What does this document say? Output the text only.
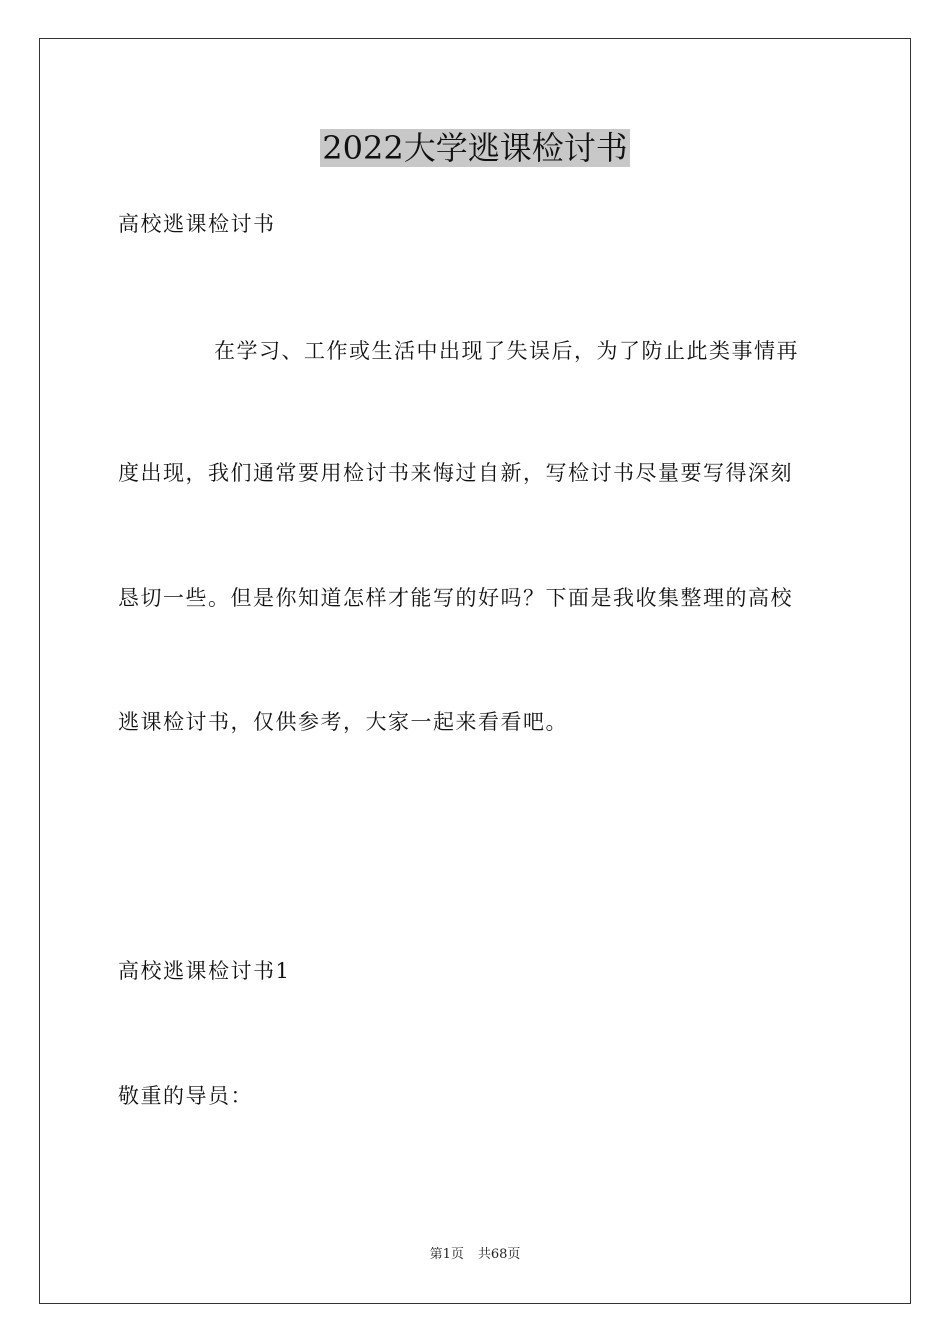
2022大学逃课检讨书

高校逃课检讨书

在学习、工作或生活中出现了失误后，为了防止此类事情再

度出现，我们通常要用检讨书来悔过自新，写检讨书尽量要写得深刻

恳切一些。但是你知道怎样才能写的好吗？下面是我收集整理的高校

逃课检讨书，仅供参考，大家一起来看看吧。

高校逃课检讨书1

敬重的导员：

第1页 共68页
